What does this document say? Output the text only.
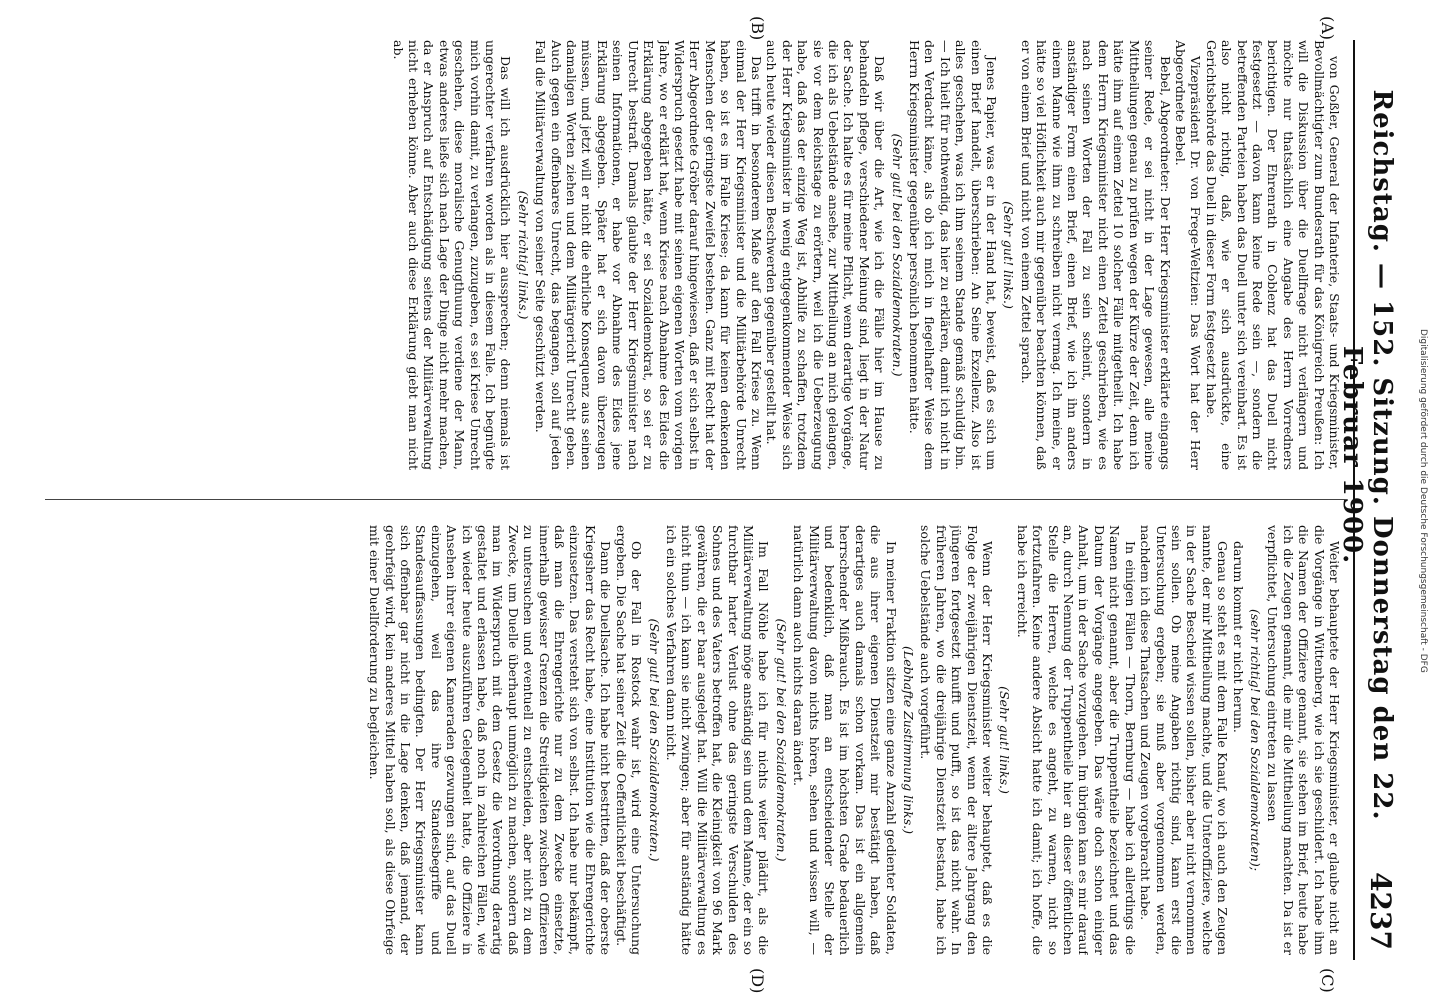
Reichstag. — 152. Sitzung. Donnerstag den 22. Februar 1900.
4237
(A)
(B)
(C)
(D)

von Goßler, General der Infanterie, Staats- und Kriegsminister, Bevollmächtigter zum Bundesrath für das Königreich Preußen: Ich will die Diskussion über die Duellfrage nicht verlängern und möchte nur thatsächlich eine Angabe des Herrn Vorredners berichtigen. Der Ehrenrath in Coblenz hat das Duell nicht festgesetzt — davon kann keine Rede sein —, sondern die betreffenden Parteien haben das Duell unter sich vereinbart. Es ist also nicht richtig, daß, wie er sich ausdrückte, eine Gerichtsbehörde das Duell in dieser Form festgesetzt habe.

Vizepräsident Dr. von Frege-Weltzien: Das Wort hat der Herr Abgeordnete Bebel.

Bebel, Abgeordneter: Der Herr Kriegsminister erklärte eingangs seiner Rede, er sei nicht in der Lage gewesen, alle meine Mittheilungen genau zu prüfen wegen der Kürze der Zeit, denn ich hätte ihm auf einem Zettel 10 solcher Fälle mitgetheilt. Ich habe dem Herrn Kriegsminister nicht einen Zettel geschrieben, wie es nach seinen Worten der Fall zu sein scheint, sondern in anständiger Form einen Brief, einen Brief, wie ich ihn anders einem Manne wie ihm zu schreiben nicht vermag. Ich meine, er hätte so viel Höflichkeit auch mir gegenüber beachten können, daß er von einem Brief und nicht von einem Zettel sprach.

(Sehr gut! links.)

Jenes Papier, was er in der Hand hat, beweist, daß es sich um einen Brief handelt, überschrieben: An Seine Exzellenz. Also ist alles geschehen, was ich ihm seinem Stande gemäß schuldig bin. — Ich hielt für nothwendig, das hier zu erklären, damit ich nicht in den Verdacht käme, als ob ich mich in flegelhafter Weise dem Herrn Kriegsminister gegenüber persönlich benommen hätte.

(Sehr gut! bei den Sozialdemokraten.)

Daß wir über die Art, wie ich die Fälle hier im Hause zu behandeln pflege, verschiedener Meinung sind, liegt in der Natur der Sache. Ich halte es für meine Pflicht, wenn derartige Vorgänge, die ich als Uebelstände ansehe, zur Mittheilung an mich gelangen, sie vor dem Reichstage zu erörtern, weil ich die Ueberzeugung habe, daß das der einzige Weg ist, Abhilfe zu schaffen, trotzdem der Herr Kriegsminister in wenig entgegenkommender Weise sich auch heute wieder diesen Beschwerden gegenüber gestellt hat.

Das trifft in besonderem Maße auf den Fall Kriese zu. Wenn einmal der Herr Kriegsminister und die Militärbehörde Unrecht haben, so ist es im Falle Kriese; da kann für keinen denkenden Menschen der geringste Zweifel bestehen. Ganz mit Recht hat der Herr Abgeordnete Gröber darauf hingewiesen, daß er sich selbst in Widerspruch gesetzt habe mit seinen eigenen Worten vom vorigen Jahre, wo er erklärt hat, wenn Kriese nach Abnahme des Eides die Erklärung abgegeben hätte, er sei Sozialdemokrat, so sei er zu Unrecht bestraft. Damals glaubte der Herr Kriegsminister nach seinen Informationen, er habe vor Abnahme des Eides jene Erklärung abgegeben. Später hat er sich davon überzeugen müssen, und jetzt will er nicht die ehrliche Konsequenz aus seinen damaligen Worten ziehen und dem Militärgericht Unrecht geben. Auch gegen ein offenbares Unrecht, das begangen, soll auf jeden Fall die Militärverwaltung von seiner Seite geschützt werden.

(Sehr richtig! links.)

Das will ich ausdrücklich hier aussprechen; denn niemals ist ungerechter verfahren worden als in diesem Falle. Ich begnügte mich vorhin damit, zu verlangen, zuzugeben, es sei Kriese Unrecht geschehen, diese moralische Genugthuung verdiene der Mann, etwas anderes ließe sich nach Lage der Dinge nicht mehr machen, da er Anspruch auf Entschädigung seitens der Militärverwaltung nicht erheben könne. Aber auch diese Erklärung giebt man nicht ab.

Weiter behauptete der Herr Kriegsminister, er glaube nicht an die Vorgänge in Wittenberg, wie ich sie geschildert. Ich habe ihm die Namen der Offiziere genannt, sie stehen im Brief, heute habe ich die Zeugen genannt, die mir die Mittheilung machten. Da ist er verpflichtet, Untersuchung eintreten zu lassen

(sehr richtig! bei den Sozialdemokraten);

darum kommt er nicht herum.

Genau so steht es mit dem Falle Knauf, wo ich auch den Zeugen nannte, der mir Mittheilung machte, und die Unteroffiziere, welche in der Sache Bescheid wissen sollen, bisher aber nicht vernommen sein sollen. Ob meine Angaben richtig sind, kann erst die Untersuchung ergeben; sie muß aber vorgenommen werden, nachdem ich diese Thatsachen und Zeugen vorgebracht habe.

In einigen Fällen — Thorn, Bernburg — habe ich allerdings die Namen nicht genannt, aber die Truppentheile bezeichnet und das Datum der Vorgänge angegeben. Das wäre doch schon einiger Anhalt, um in der Sache vorzugehen. Im übrigen kam es mir darauf an, durch Nennung der Truppentheile hier an dieser öffentlichen Stelle die Herren, welche es angeht, zu warnen, nicht so fortzufahren. Keine andere Absicht hatte ich damit; ich hoffe, die habe ich erreicht.

(Sehr gut! links.)

Wenn der Herr Kriegsminister weiter behauptet, daß es die Folge der zweijährigen Dienstzeit, wenn der ältere Jahrgang den jüngeren fortgesetzt knufft und pufft, so ist das nicht wahr. In früheren Jahren, wo die dreijährige Dienstzeit bestand, habe ich solche Uebelstände auch vorgeführt.

(Lebhafte Zustimmung links.)

In meiner Fraktion sitzen eine ganze Anzahl gedienter Soldaten, die aus ihrer eigenen Dienstzeit mir bestätigt haben, daß derartiges auch damals schon vorkam. Das ist ein allgemein herrschender Mißbrauch. Es ist im höchsten Grade bedauerlich und bedenklich, daß man an entscheidender Stelle der Militärverwaltung davon nichts hören, sehen und wissen will, — natürlich dann auch nichts daran ändert.

(Sehr gut! bei den Sozialdemokraten.)

Im Fall Nöhle habe ich für nichts weiter plädirt, als die Militärverwaltung möge anständig sein und dem Manne, der ein so furchtbar harter Verlust ohne das geringste Verschulden des Sohnes und des Vaters betroffen hat, die Kleinigkeit von 96 Mark gewähren, die er baar ausgelegt hat. Will die Militärverwaltung es nicht thun — ich kann sie nicht zwingen; aber für anständig hätte ich ein solches Verfahren dann nicht.

(Sehr gut! bei den Sozialdemokraten.)

Ob der Fall in Rostock wahr ist, wird eine Untersuchung ergeben. Die Sache hat seiner Zeit die Oeffentlichkeit beschäftigt.

Dann die Duellsache. Ich habe nicht bestritten, daß der oberste Kriegsherr das Recht habe, eine Institution wie die Ehrengerichte einzusetzen. Das versteht sich von selbst. Ich habe nur bekämpft, daß man die Ehrengerichte nur zu dem Zwecke einsetzte, innerhalb gewisser Grenzen die Streitigkeiten zwischen Offizieren zu untersuchen und eventuell zu entscheiden, aber nicht zu dem Zwecke, um Duelle überhaupt unmöglich zu machen, sondern daß man im Widerspruch mit dem Gesetz die Verordnung derartig gestaltet und erlassen habe, daß noch in zahlreichen Fällen, wie ich wieder heute auszuführen Gelegenheit hatte, die Offiziere in Ansehen ihrer eigenen Kameraden gezwungen sind, auf das Duell einzugehen, weil das ihre Standesbegriffe und Standesauffassungen bedingten. Der Herr Kriegsminister kann sich offenbar gar nicht in die Lage denken, daß jemand, der geohrfeigt wird, kein anderes Mittel haben soll, als diese Ohrfeige mit einer Duellforderung zu begleichen.	Digitalisierung gefördert durch die Deutsche Forschungsgemeinschaft - DFG
